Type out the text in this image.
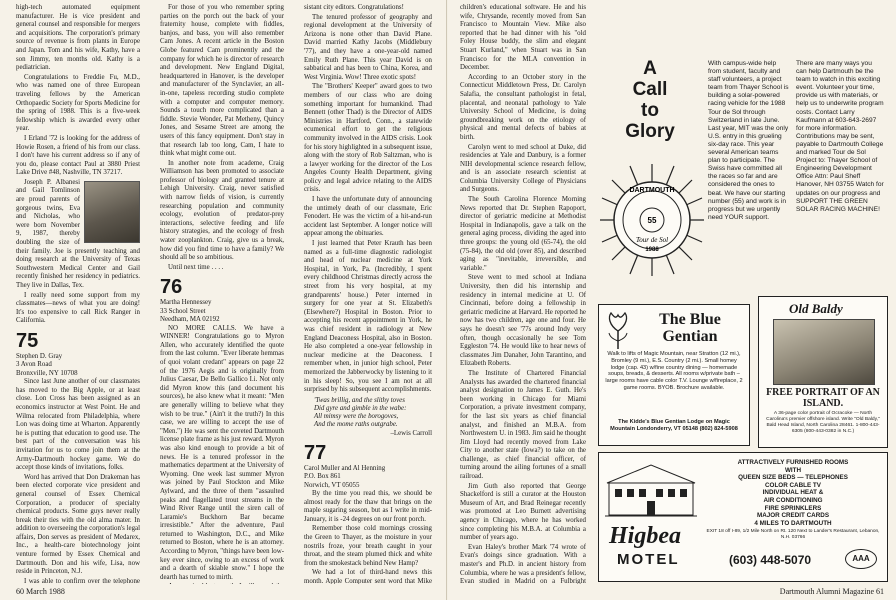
high-tech automated equipment manufacturer. He is vice president and general counsel and responsible for mergers and acquisitions. The corporation's primary source of revenue is from plants in Europe and Japan. Tom and his wife, Kathy, have a son Jimmy, ten months old. Kathy is a pediatrician.

Congratulations to Freddie Fu, M.D., who was named one of three European traveling fellows by the American Orthopaedic Society for Sports Medicine for the spring of 1988. This is a five-week fellowship which is awarded every other year.

I Erland '72 is looking for the address of Howie Rosen, a friend of his from our class. I don't have his current address so if any of you do, please contact Paul at 3880 Priest Lake Drive #48, Nashville, TN 37217.

Joseph P. Albanesi and Gail Tomlinson are proud parents of gorgeous twins, Eva and Nicholas, who were born November 9, 1987, thereby doubling the size of their family. Joe is presently teaching and doing research at the University of Texas Southwestern Medical Center and Gail recently finished her residency in pediatrics. They live in Dallas, Tex.

I really need some support from my classmates—news of what you are doing! It's too expensive to call Rick Ranger in California.

75
Stephen D. Gray
3 Avon Road
Bronxville, NY 10708

Since last June another of our classmates has moved to the Big Apple, or at least close. Lon Cross has been assigned as an economics instructor at West Point. He and Wilma relocated from Philadelphia, where Lon was doing time at Wharton. Apparently he is putting that education to good use. The best part of the conversation was his invitation for us to come join them at the Army-Dartmouth hockey game. We do accept those kinds of invitations, folks.

Word has arrived that Don Drakeman has been elected corporate vice president and general counsel of Essex Chemical Corporation, a producer of specialty chemical products. Some guys never really break their ties with the old alma mater. In addition to overseeing the corporation's legal affairs, Don serves as president of Medarex, Inc., a health-care biotechnology joint venture formed by Essex Chemical and Dartmouth. Don and his wife, Lisa, now reside in Princeton, N.J.

I was able to confirm over the telephone

For those of you who remember spring parties on the porch out the back of your fraternity house, complete with fiddles, banjos, and bass, you will also remember Cam Jones. A recent article in the Boston Globe featured Cam prominently and the company for which he is director of research and development. New England Digital, headquartered in Hanover, is the developer and manufacturer of the Synclavier, an all-in-one, tapeless recording studio complete with a computer and computer memory. Sounds a touch more complicated than a fiddle. Stevie Wonder, Pat Metheny, Quincy Jones, and Sesame Street are among the users of this fancy equipment. Don't stay in that research lab too long, Cam, I hate to think what might come out.

In another note from academe, Craig Williamson has been promoted to associate professor of biology and granted tenure at Lehigh University. Craig, never satisfied with narrow fields of vision, is currently researching population and community ecology, evolution of predator-prey interactions, selective feeding and life history strategies, and the ecology of fresh water zooplankton. Craig, give us a break, how did you find time to have a family? We should all be so ambitious.

Until next time . . . .

76
Martha Hennessey
33 School Street
Needham, MA 02192

NO MORE CALLS. We have a WINNER! Congratulations go to Myron Allen, who accurately identified the quote from the last column. "Ever liberate hemmas of quoi volant credant" appears on page 22 of the 1976 Aegis and is originally from Julius Caesar, De Bello Gallico I.i. Not only did Myron know this (and document his sources), he also knew what it meant: "Men are generally willing to believe what they wish to be true." (Ain't it the truth?) In this case, we are willing to accept the use of "Men.") He was sent the coveted Dartmouth license plate frame as his just reward. Myron was also kind enough to provide a bit of news. He is a tenured professor in the mathematics department at the University of Wyoming. One week last summer Myron was joined by Paul Stockton and Mike Aylward, and the three of them "assaulted peaks and flagellated trout streams in the Wind River Range until the siren call of Laramie's Buckhorn Bar became irresistible." After the adventure, Paul returned to Washington, D.C., and Mike returned to Boston, where he is an attorney. According to Myron, "things have been low-key ever since, owing to an excess of work and a dearth of skiable snow." I hope the dearth has turned to mirth.

sistant city editors. Congratulations!

The tenured professor of geography and regional development at the University of Arizona is none other than David Plane. David married Kathy Jacobs (Middlebury '77), and they have a one-year-old named Emily Ruth Plane. This year David is on sabbatical and has been to China, Korea, and West Virginia. Wow! Three exotic spots!

The "Brothers' Keeper" award goes to two members of our class who are doing something important for humankind. Thad Bennett (other Thad) is the Director of AIDS Ministries in Hartford, Conn., a statewide ecumenical effort to get the religious community involved in the AIDS crisis. Look for his story highlighted in a subsequent issue, along with the story of Rob Saltzman, who is a lawyer working for the director of the Los Angeles County Health Department, giving policy and legal advice relating to the AIDS crisis.

I have the unfortunate duty of announcing the untimely death of our classmate, Eric Fenodert. He was the victim of a hit-and-run accident last September. A longer notice will appear among the obituaries.

I just learned that Peter Krauth has been named as a full-time diagnostic radiologist and head of nuclear medicine at York Hospital, in York, Pa. (Incredibly, I spent every childhood Christmas directly across the street from his very hospital, at my grandparents' house.) Peter interned in surgery for one year at St. Elizabeth's (Elsewhere?) Hospital in Boston. Prior to accepting his recent appointment in York, he was chief resident in radiology at New England Deaconess Hospital, also in Boston. He also completed a one-year fellowship in nuclear medicine at the Deaconess. I remember when, in junior high school, Peter memorized the Jabberwocky by listening to it in his sleep! So, you see I am not at all surprised by his subsequent accomplishments.

'Twas brillig, and the slithy toves
Did gyre and gimble in the wabe:
All mimsy were the borogoves,
And the mome raths outgrabe.
–Lewis Carroll
77
Carol Muller and Al Henning
P.O. Box 861
Norwich, VT 05055

By the time you read this, we should be almost ready for the thaw that brings on the maple sugaring season, but as I write in mid-January, it is -24 degrees on our front porch.

Remember those cold mornings crossing the Green to Thayer, as the moisture in your nostrils froze, your breath caught in your throat, and the steam plumed thick and white from the smokestack behind New Hamp?

We had a lot of third-hand news this month. Apple Computer sent word that Mike

60 March 1988

children's educational software. He and his wife, Chrysande, recently moved from San Francisco to Mountain View. Mike also reported that he had dinner with his "old Foley House buddy, the slim and elegant Stuart Kurland," when Stuart was in San Francisco for the MLA convention in December.

According to an October story in the Connecticut Middletown Press, Dr. Carolyn Salafia, the consultant pathologist in fetal, placental, and neonatal pathology to Yale University School of Medicine, is doing groundbreaking work on the etiology of physical and mental defects of babies at birth.

Carolyn went to med school at Duke, did residencies at Yale and Danbury, is a former NIH developmental science research fellow, and is an associate research scientist at Columbia University College of Physicians and Surgeons.

The South Carolina Florence Morning News reported that Dr. Stephen Rapoport, director of geriatric medicine at Methodist Hospital in Indianapolis, gave a talk on the general aging process, dividing the aged into three groups: the young old (65-74), the old (75-84), the old old (over 85), and described aging as "inevitable, irreversible, and variable."

Steve went to med school at Indiana University, then did his internship and residency in internal medicine at U. Of Cincinnati, before doing a fellowship in geriatric medicine at Harvard. He reported he now has two children, age one and four. He says he doesn't see '77s around Indy very often, though occasionally he see Tom Eggleston '74. He would like to hear news of classmates Jim Danaher, John Tarantino, and Elizabeth Roberts.

The Institute of Chartered Financial Analysts has awarded the chartered financial analyst designation to James E. Guth. He's been working in Chicago for Miami Corporation, a private investment company, for the last six years as chief financial analyst, and finished an M.B.A. from Northwestern U. in 1983. Jim said he thought Jim Lloyd had recently moved from Lake City to another state (Iowa?) to take on the challenge, as chief financial officer, of turning around the ailing fortunes of a small railroad.

Jim Guth also reported that George Shackelford is still a curator at the Houston Museum of Art, and Brad Reinegar recently was promoted at Leo Burnett advertising agency in Chicago, where he has worked since completing his M.B.A. at Columbia a number of years ago.

Evan Haley's brother Mark '74 wrote of Evan's doings since graduation. With a master's and Ph.D. in ancient history from Columbia, where he was a president's fellow, Evan studied in Madrid on a Fulbright

A
Call
to
Glory
DARTMOUTH
55
Tour de Sol
1988
With campus-wide help from student, faculty and staff volunteers, a project team from Thayer School is building a solar-powered racing vehicle for the 1988 Tour de Sol through Switzerland in late June. Last year, MIT was the only U.S. entry in this grueling six-day race. This year several American teams plan to participate. The Swiss have committed all the races so far and are considered the ones to beat. We have our starting number (55) and work is in progress but we urgently need YOUR support.
There are many ways you can help Dartmouth be the team to watch in this exciting event. Volunteer your time, provide us with materials, or help us to underwrite program costs. Contact Larry Kaufmann at 603-643-2697 for more information. Contributions may be sent, payable to Dartmouth College and marked Tour de Sol Project to: Thayer School of Engineering Development Office Attn: Paul Sheff Hanover, NH 03755 Watch for updates on our progress and SUPPORT THE GREEN SOLAR RACING MACHINE!
The Blue
Gentian
Walk to lifts of Magic Mountain, near Stratton (12 mi.), Bromley (9 mi.), E.S. Country (2 mi.). Small homey lodge (cap. 43) w/fine country dining — homemade soups, breads, & desserts. All rooms w/private bath – large rooms have cable color T.V. Lounge w/fireplace, 2 game rooms. BYOB. Brochure available.
The Kidde's Blue Gentian Lodge on Magic Mountain Londonderry, VT 05148 (802) 824-5908
Old Baldy
FREE PORTRAIT OF AN ISLAND.
A 36-page color portrait of Ocracoke — North Carolina's premier offshore island. Write "Old Baldy," Bald Head Island, North Carolina 28461. 1-800-443-6305 (800-443-0382 in N.C.)
ATTRACTIVELY FURNISHED ROOMS
WITH
QUEEN SIZE BEDS — TELEPHONES
COLOR CABLE TV
INDIVIDUAL HEAT &
AIR CONDITIONING
FIRE SPRINKLERS
MAJOR CREDIT CARDS
4 MILES TO DARTMOUTH
EXIT 18 off I-89, 1/2 Mile North on Rt. 120 Next to Lander's Restaurant, Lebanon, N.H. 03766
Higbea
MOTEL	(603) 448-5070	AAA
Dartmouth Alumni Magazine 61
